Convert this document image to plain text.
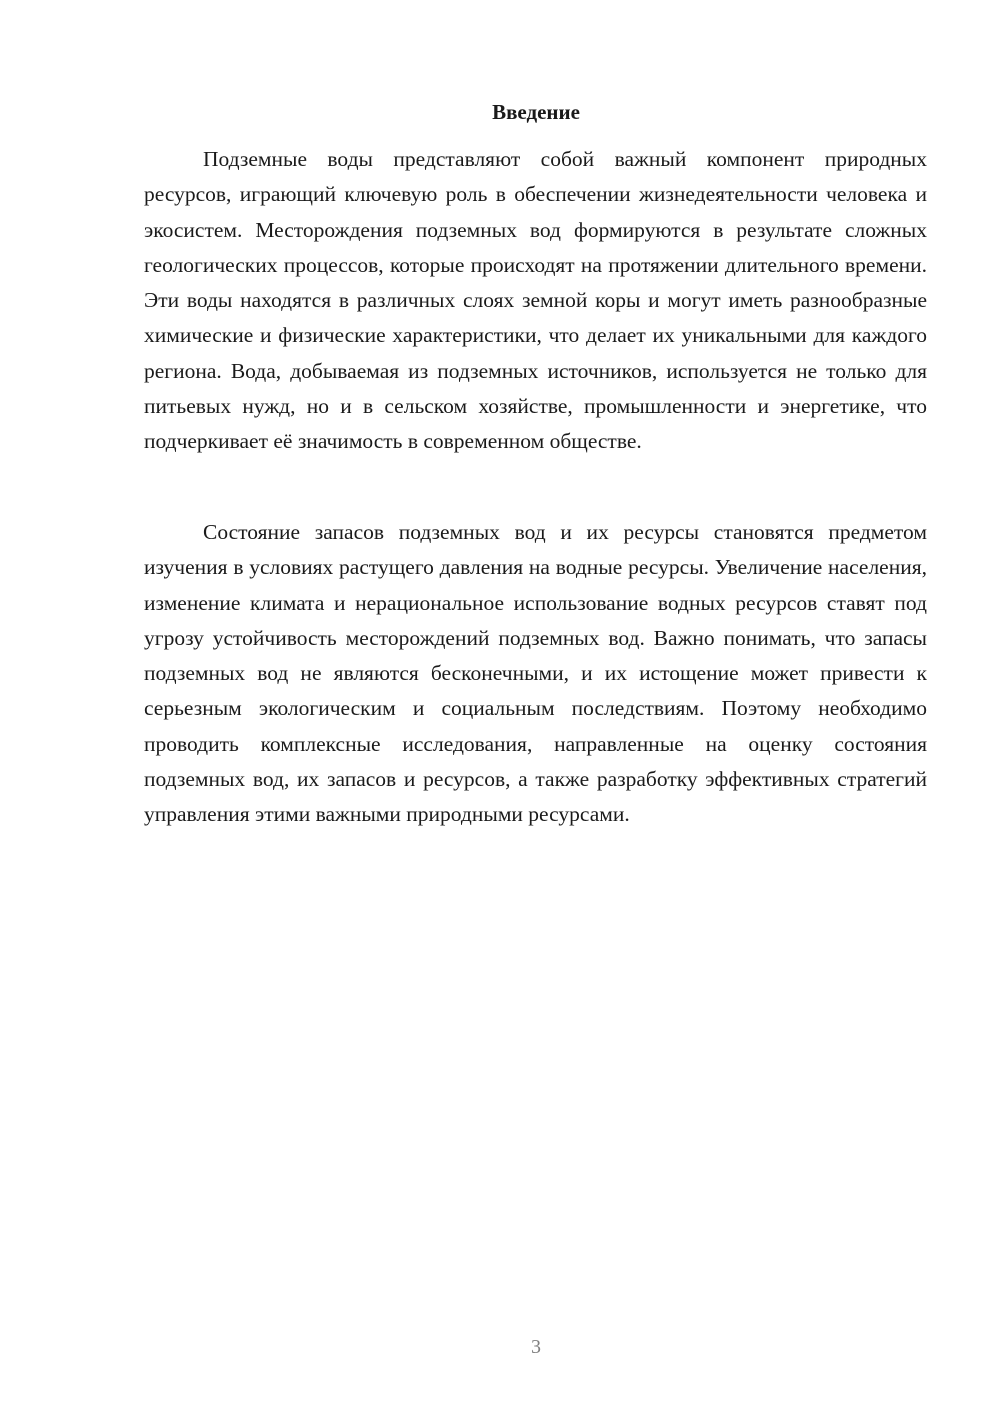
Введение

Подземные воды представляют собой важный компонент природных ресурсов, играющий ключевую роль в обеспечении жизнедеятельности человека и экосистем. Месторождения подземных вод формируются в результате сложных геологических процессов, которые происходят на протяжении длительного времени. Эти воды находятся в различных слоях земной коры и могут иметь разнообразные химические и физические характеристики, что делает их уникальными для каждого региона. Вода, добываемая из подземных источников, используется не только для питьевых нужд, но и в сельском хозяйстве, промышленности и энергетике, что подчеркивает её значимость в современном обществе.

Состояние запасов подземных вод и их ресурсы становятся предметом изучения в условиях растущего давления на водные ресурсы. Увеличение населения, изменение климата и нерациональное использование водных ресурсов ставят под угрозу устойчивость месторождений подземных вод. Важно понимать, что запасы подземных вод не являются бесконечными, и их истощение может привести к серьезным экологическим и социальным последствиям. Поэтому необходимо проводить комплексные исследования, направленные на оценку состояния подземных вод, их запасов и ресурсов, а также разработку эффективных стратегий управления этими важными природными ресурсами.

3
